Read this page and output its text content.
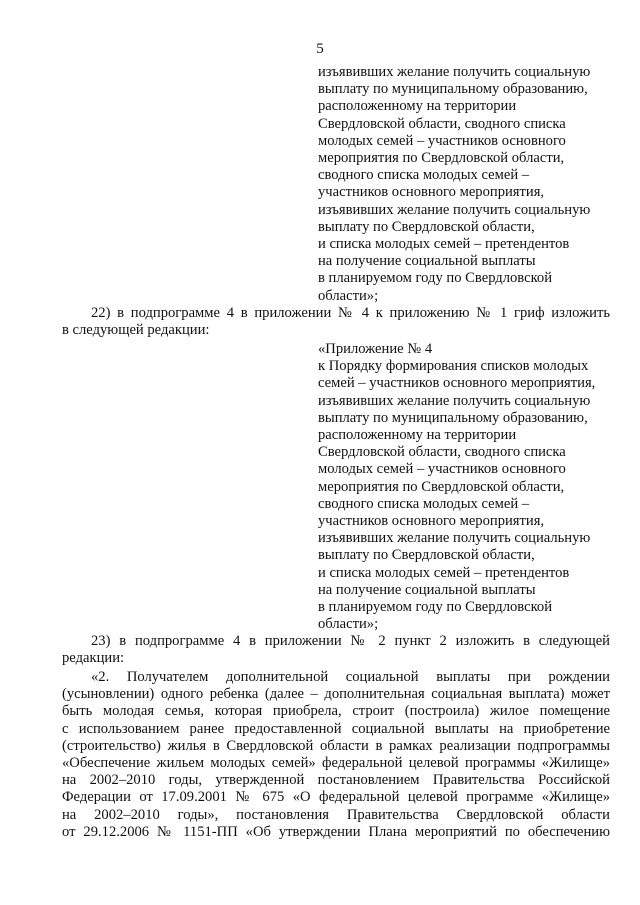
5
изъявивших желание получить социальную
выплату по муниципальному образованию,
расположенному на территории
Свердловской области, сводного списка
молодых семей – участников основного
мероприятия по Свердловской области,
сводного списка молодых семей –
участников основного мероприятия,
изъявивших желание получить социальную
выплату по Свердловской области,
и списка молодых семей – претендентов
на получение социальной выплаты
в планируемом году по Свердловской
области»;
22) в подпрограмме 4 в приложении № 4 к приложению № 1 гриф изложить
в следующей редакции:
«Приложение № 4
к Порядку формирования списков молодых
семей – участников основного мероприятия,
изъявивших желание получить социальную
выплату по муниципальному образованию,
расположенному на территории
Свердловской области, сводного списка
молодых семей – участников основного
мероприятия по Свердловской области,
сводного списка молодых семей –
участников основного мероприятия,
изъявивших желание получить социальную
выплату по Свердловской области,
и списка молодых семей – претендентов
на получение социальной выплаты
в планируемом году по Свердловской
области»;
23) в подпрограмме 4 в приложении № 2 пункт 2 изложить в следующей
редакции:
«2. Получателем дополнительной социальной выплаты при рождении
(усыновлении) одного ребенка (далее – дополнительная социальная выплата) может
быть молодая семья, которая приобрела, строит (построила) жилое помещение
с использованием ранее предоставленной социальной выплаты на приобретение
(строительство) жилья в Свердловской области в рамках реализации подпрограммы
«Обеспечение жильем молодых семей» федеральной целевой программы «Жилище»
на 2002–2010 годы, утвержденной постановлением Правительства Российской
Федерации от 17.09.2001 № 675 «О федеральной целевой программе «Жилище»
на 2002–2010 годы», постановления Правительства Свердловской области
от 29.12.2006 № 1151-ПП «Об утверждении Плана мероприятий по обеспечению
